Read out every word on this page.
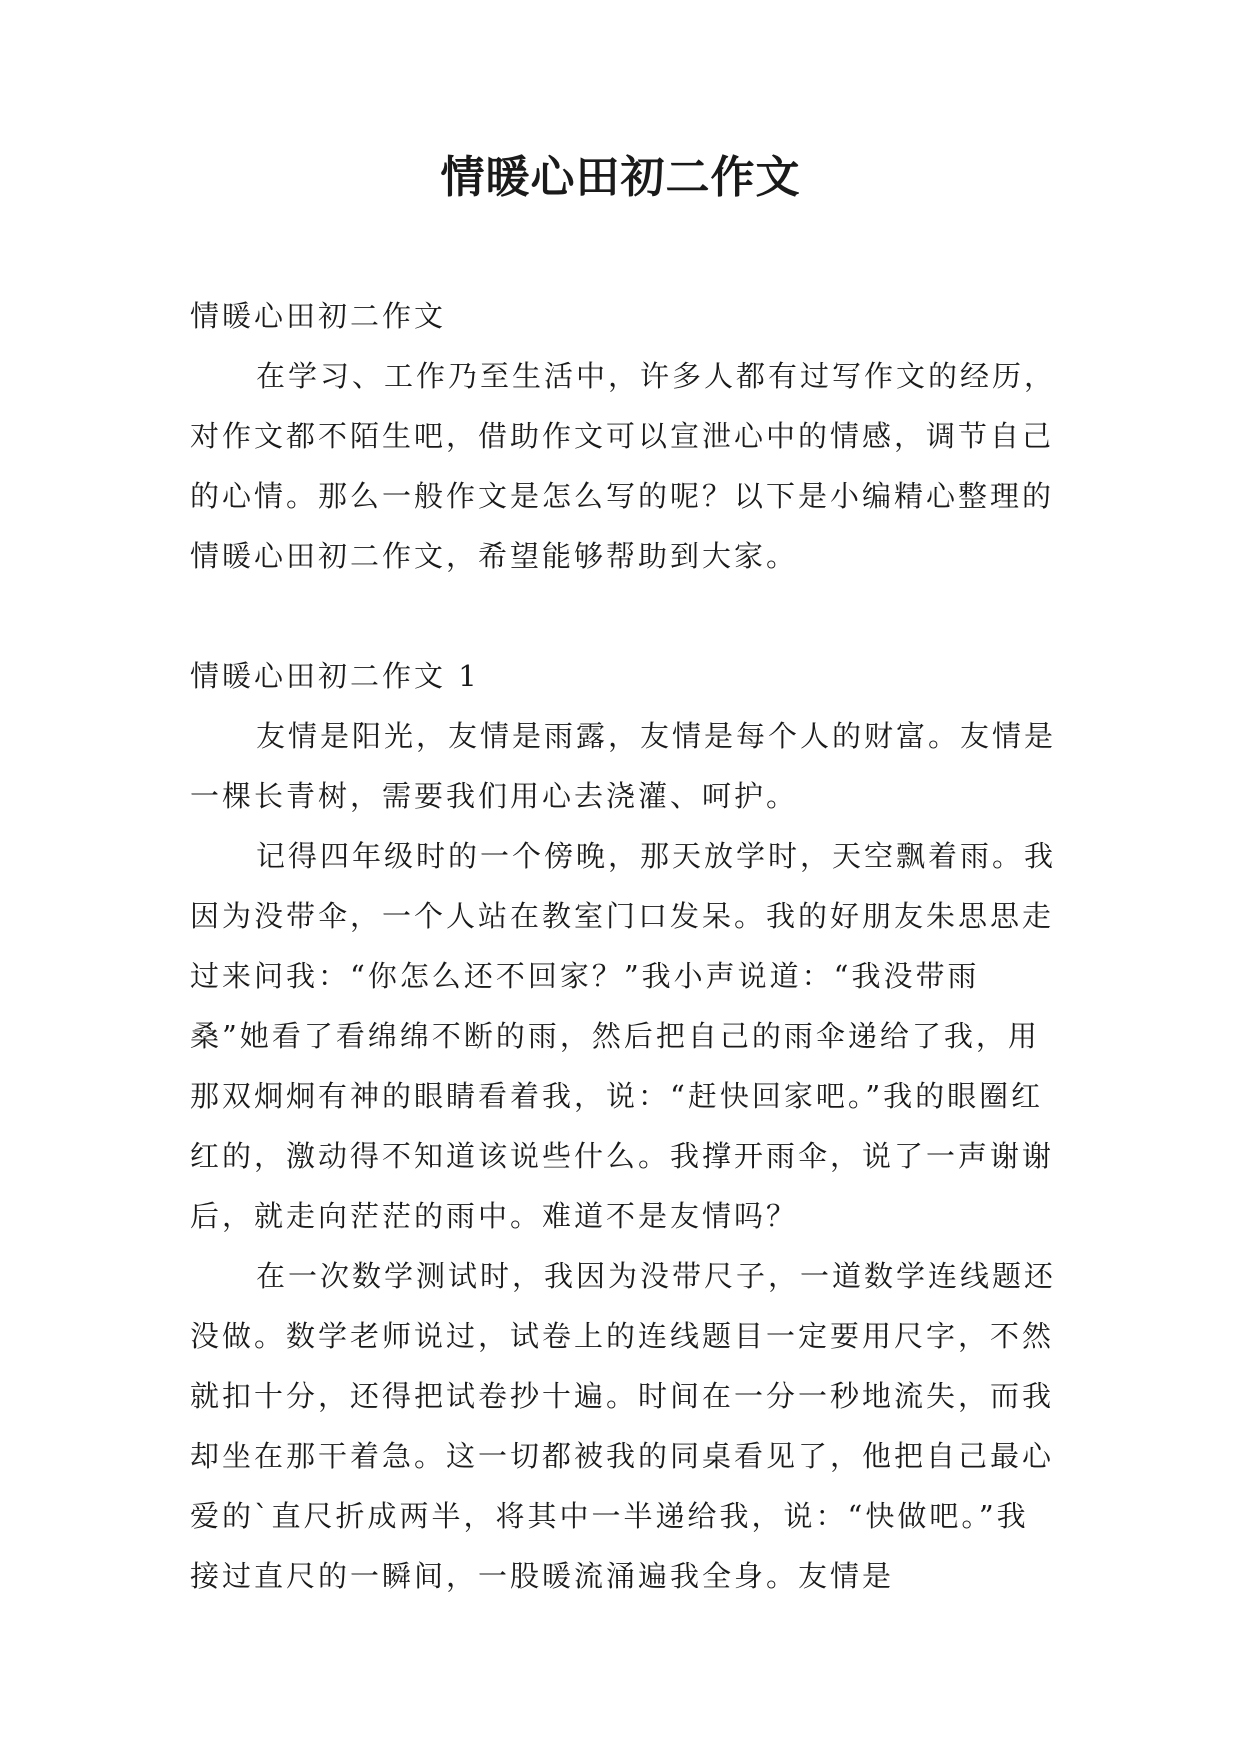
情暖心田初二作文

情暖心田初二作文

在学习、工作乃至生活中，许多人都有过写作文的经历，对作文都不陌生吧，借助作文可以宣泄心中的情感，调节自己的心情。那么一般作文是怎么写的呢？以下是小编精心整理的情暖心田初二作文，希望能够帮助到大家。

情暖心田初二作文 1

友情是阳光，友情是雨露，友情是每个人的财富。友情是一棵长青树，需要我们用心去浇灌、呵护。

记得四年级时的一个傍晚，那天放学时，天空飘着雨。我因为没带伞，一个人站在教室门口发呆。我的好朋友朱思思走过来问我：“你怎么还不回家？”我小声说道：“我没带雨桑”她看了看绵绵不断的雨，然后把自己的雨伞递给了我，用那双炯炯有神的眼睛看着我，说：“赶快回家吧。”我的眼圈红红的，激动得不知道该说些什么。我撑开雨伞，说了一声谢谢后，就走向茫茫的雨中。难道不是友情吗？

在一次数学测试时，我因为没带尺子，一道数学连线题还没做。数学老师说过，试卷上的连线题目一定要用尺字，不然就扣十分，还得把试卷抄十遍。时间在一分一秒地流失，而我却坐在那干着急。这一切都被我的同桌看见了，他把自己最心爱的`直尺折成两半，将其中一半递给我，说：“快做吧。”我接过直尺的一瞬间，一股暖流涌遍我全身。友情是
